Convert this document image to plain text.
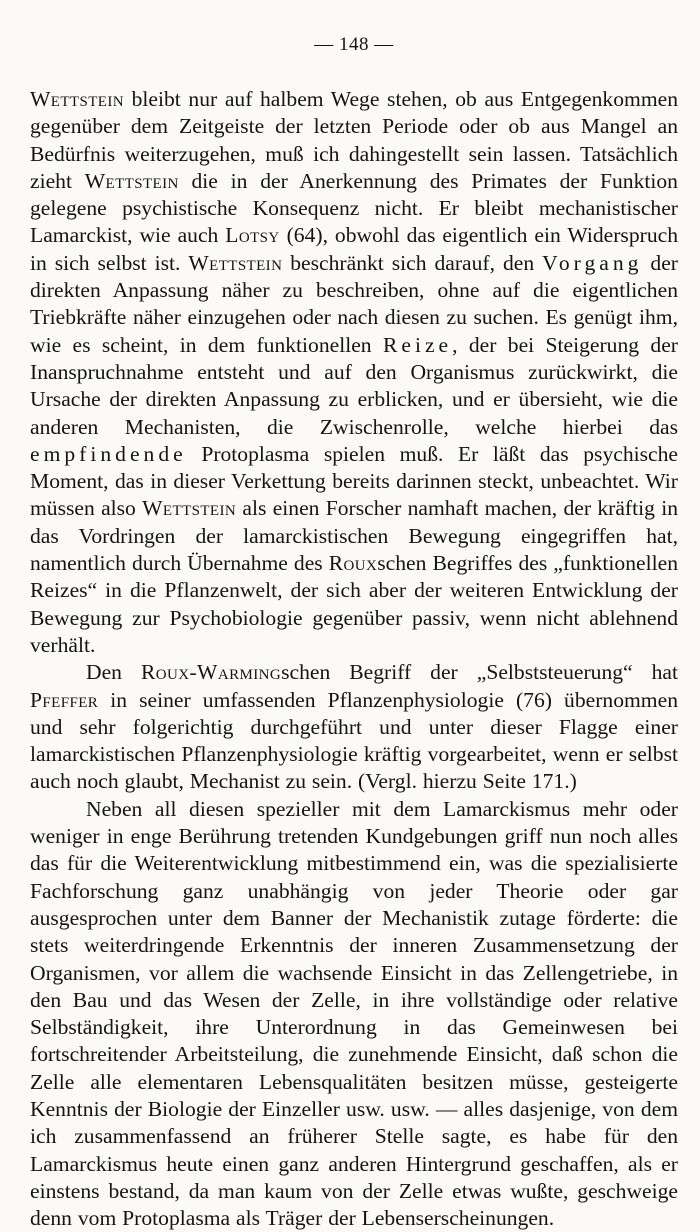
— 148 —

Wettstein bleibt nur auf halbem Wege stehen, ob aus Entgegenkommen gegenüber dem Zeitgeiste der letzten Periode oder ob aus Mangel an Bedürfnis weiterzugehen, muß ich dahingestellt sein lassen. Tatsächlich zieht Wettstein die in der Anerkennung des Primates der Funktion gelegene psychistische Konsequenz nicht. Er bleibt mechanistischer Lamarckist, wie auch Lotsy (64), obwohl das eigentlich ein Widerspruch in sich selbst ist. Wettstein beschränkt sich darauf, den Vorgang der direkten Anpassung näher zu beschreiben, ohne auf die eigentlichen Triebkräfte näher einzugehen oder nach diesen zu suchen. Es genügt ihm, wie es scheint, in dem funktionellen Reize, der bei Steigerung der Inanspruchnahme entsteht und auf den Organismus zurückwirkt, die Ursache der direkten Anpassung zu erblicken, und er übersieht, wie die anderen Mechanisten, die Zwischenrolle, welche hierbei das empfindende Protoplasma spielen muß. Er läßt das psychische Moment, das in dieser Verkettung bereits darinnen steckt, unbeachtet. Wir müssen also Wettstein als einen Forscher namhaft machen, der kräftig in das Vordringen der lamarckistischen Bewegung eingegriffen hat, namentlich durch Übernahme des Rouxschen Begriffes des „funktionellen Reizes“ in die Pflanzenwelt, der sich aber der weiteren Entwicklung der Bewegung zur Psychobiologie gegenüber passiv, wenn nicht ablehnend verhält.

Den Roux-Warmingschen Begriff der „Selbststeuerung“ hat Pfeffer in seiner umfassenden Pflanzenphysiologie (76) übernommen und sehr folgerichtig durchgeführt und unter dieser Flagge einer lamarckistischen Pflanzenphysiologie kräftig vorgearbeitet, wenn er selbst auch noch glaubt, Mechanist zu sein. (Vergl. hierzu Seite 171.)

Neben all diesen spezieller mit dem Lamarckismus mehr oder weniger in enge Berührung tretenden Kundgebungen griff nun noch alles das für die Weiterentwicklung mitbestimmend ein, was die spezialisierte Fachforschung ganz unabhängig von jeder Theorie oder gar ausgesprochen unter dem Banner der Mechanistik zutage förderte: die stets weiterdringende Erkenntnis der inneren Zusammensetzung der Organismen, vor allem die wachsende Einsicht in das Zellengetriebe, in den Bau und das Wesen der Zelle, in ihre vollständige oder relative Selbständigkeit, ihre Unterordnung in das Gemeinwesen bei fortschreitender Arbeitsteilung, die zunehmende Einsicht, daß schon die Zelle alle elementaren Lebensqualitäten besitzen müsse, gesteigerte Kenntnis der Biologie der Einzeller usw. usw. — alles dasjenige, von dem ich zusammenfassend an früherer Stelle sagte, es habe für den Lamarckismus heute einen ganz anderen Hintergrund geschaffen, als er einstens bestand, da man kaum von der Zelle etwas wußte, geschweige denn vom Protoplasma als Träger der Lebenserscheinungen.
